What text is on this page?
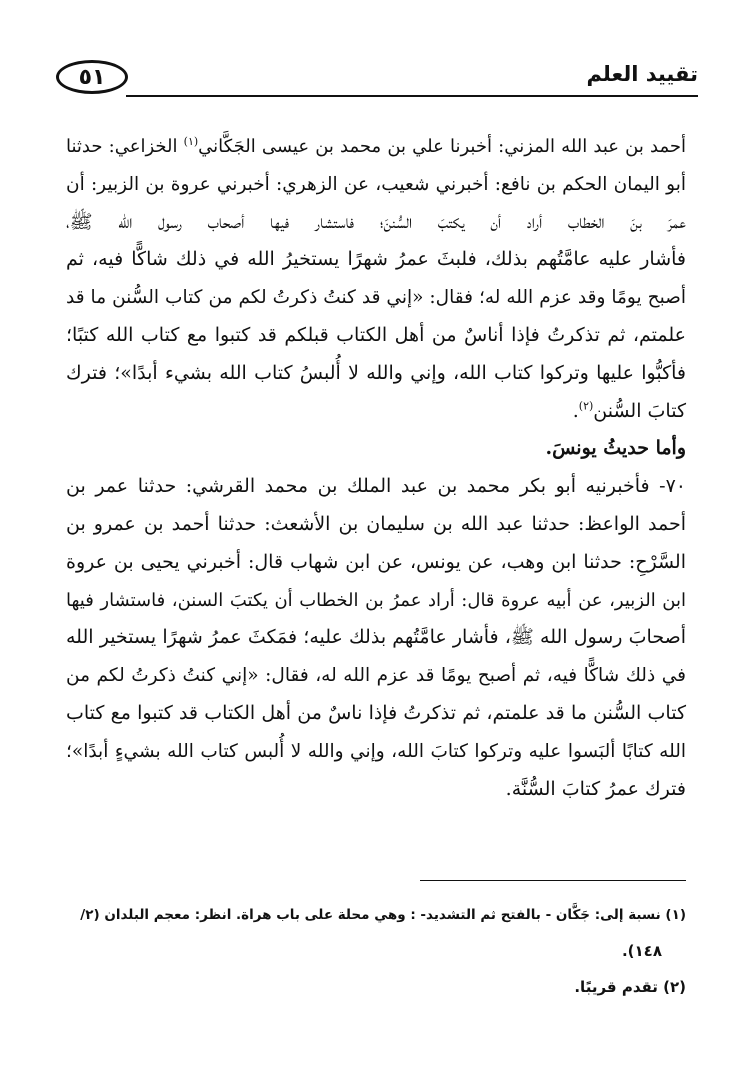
٥١	تقييد العلم

أحمد بن عبد الله المزني: أخبرنا علي بن محمد بن عيسى الجَكَّاني$^{(١)}$ الخزاعي: حدثنا

أبو اليمان الحكم بن نافع: أخبرني شعيب، عن الزهري: أخبرني عروة بن الزبير: أن

عمرَ بنَ الخطاب أراد أن يكتبَ السُّننَ؛ فاستشار فيها أصحاب رسول الله ﷺ،

فأشار عليه عامَّتُهم بذلك، فلبثَ عمرُ شهرًا يستخيرُ الله في ذلك شاكًّا فيه، ثم

أصبح يومًا وقد عزم الله له؛ فقال: «إني قد كنتُ ذكرتُ لكم من كتاب السُّنن ما قد

علمتم، ثم تذكرتُ فإذا أناسٌ من أهل الكتاب قبلكم قد كتبوا مع كتاب الله كتبًا؛

فأكبُّوا عليها وتركوا كتاب الله، وإني والله لا أُلبسُ كتاب الله بشيء أبدًا»؛ فترك

كتابَ السُّنن$^{(٢)}$.

وأما حديثُ يونسَ.

٧٠- فأخبرنيه أبو بكر محمد بن عبد الملك بن محمد القرشي: حدثنا عمر بن

أحمد الواعظ: حدثنا عبد الله بن سليمان بن الأشعث: حدثنا أحمد بن عمرو بن

السَّرْحِ: حدثنا ابن وهب، عن يونس، عن ابن شهاب قال: أخبرني يحيى بن عروة

ابن الزبير، عن أبيه عروة قال: أراد عمرُ بن الخطاب أن يكتبَ السنن، فاستشار فيها

أصحابَ رسول الله ﷺ، فأشار عامَّتُهم بذلك عليه؛ فمَكثَ عمرُ شهرًا يستخير الله

في ذلك شاكًّا فيه، ثم أصبح يومًا قد عزم الله له، فقال: «إني كنتُ ذكرتُ لكم من

كتاب السُّنن ما قد علمتم، ثم تذكرتُ فإذا ناسٌ من أهل الكتاب قد كتبوا مع كتاب

الله كتابًا ألبَسوا عليه وتركوا كتابَ الله، وإني والله لا أُلبس كتاب الله بشيءٍ أبدًا»؛

فترك عمرُ كتابَ السُّنَّة.

(١) نسبة إلى: جَكَّان - بالفتح ثم التشديد- : وهي محلة على باب هراة. انظر: معجم البلدان (٢/

١٤٨).

(٢) تقدم قريبًا.
